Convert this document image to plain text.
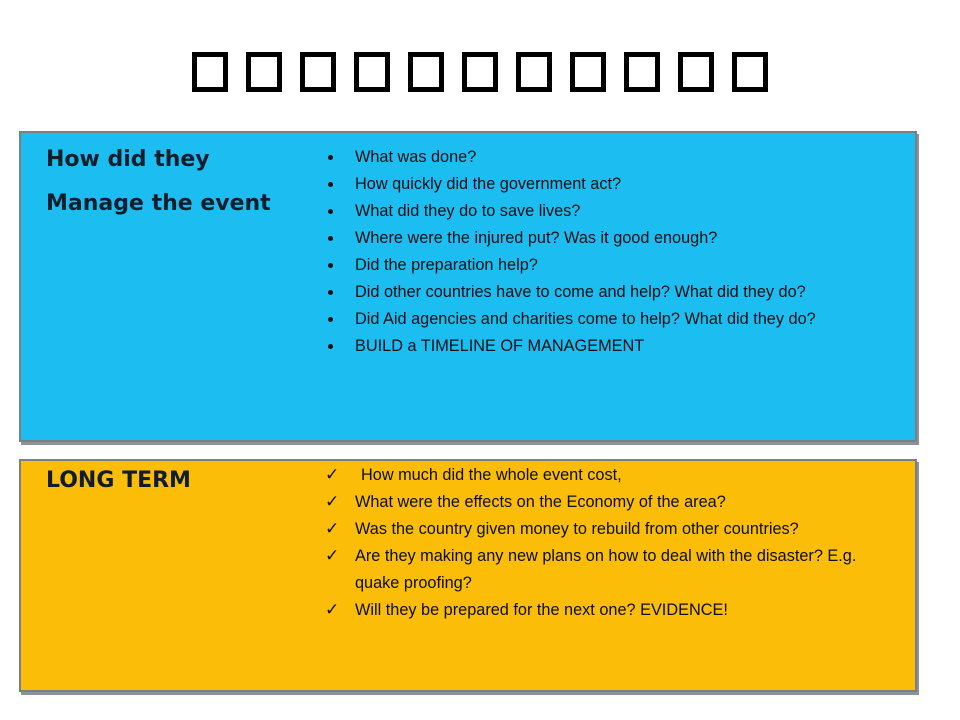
How did they
Manage the event
What was done?
How quickly did the government act?
What did they do to save lives?
Where were the injured put? Was it good enough?
Did the preparation help?
Did other countries have to come and help? What did they do?
Did Aid agencies and charities come to help? What did they do?
BUILD a TIMELINE OF MANAGEMENT
LONG TERM	✓	How much did the whole event cost,
✓ What were the effects on the Economy of the area?
✓ Was the country given money to rebuild from other countries?
✓ Are they making any new plans on how to deal with the disaster? E.g. quake proofing?
✓ Will they be prepared for the next one? EVIDENCE!
